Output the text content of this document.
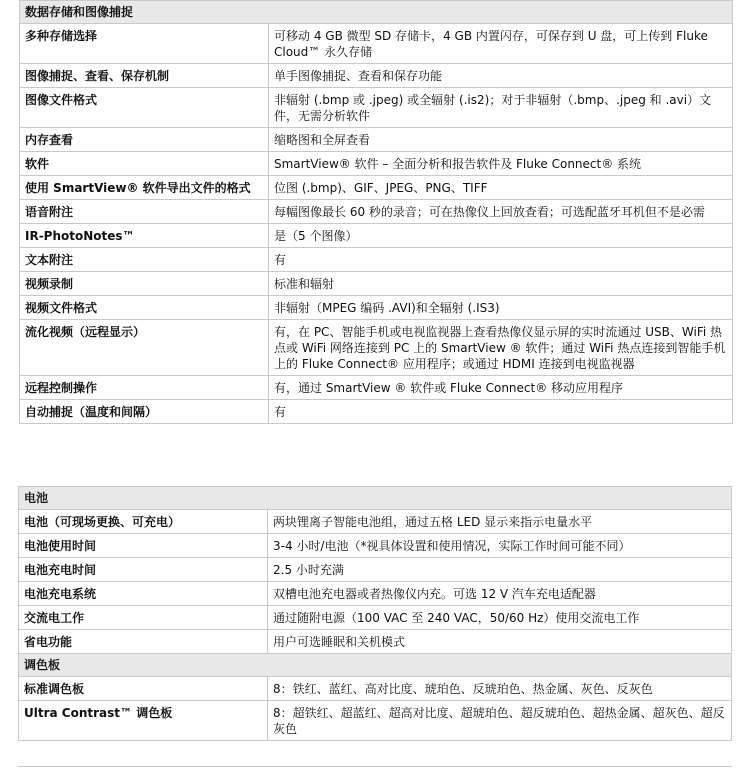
数据存储和图像捕捉	
多种存储选择	可移动 4 GB 微型 SD 存储卡，4 GB 内置闪存，可保存到 U 盘，可上传到 Fluke Cloud™ 永久存储
图像捕捉、查看、保存机制	单手图像捕捉、查看和保存功能
图像文件格式	非辐射 (.bmp 或 .jpeg) 或全辐射 (.is2)；对于非辐射（.bmp、.jpeg 和 .avi）文件，无需分析软件
内存查看	缩略图和全屏查看
软件	SmartView® 软件 – 全面分析和报告软件及 Fluke Connect® 系统
使用 SmartView® 软件导出文件的格式	位图 (.bmp)、GIF、JPEG、PNG、TIFF
语音附注	每幅图像最长 60 秒的录音；可在热像仪上回放查看；可选配蓝牙耳机但不是必需
IR-PhotoNotes™	是（5 个图像）
文本附注	有
视频录制	标准和辐射
视频文件格式	非辐射（MPEG 编码 .AVI)和全辐射 (.IS3)
流化视频（远程显示）	有，在 PC、智能手机或电视监视器上查看热像仪显示屏的实时流通过 USB、WiFi 热点或 WiFi 网络连接到 PC 上的 SmartView ® 软件；通过 WiFi 热点连接到智能手机上的 Fluke Connect® 应用程序；或通过 HDMI 连接到电视监视器
远程控制操作	有，通过 SmartView ® 软件或 Fluke Connect® 移动应用程序
自动捕捉（温度和间隔）	有
电池	
电池（可现场更换、可充电）	两块锂离子智能电池组，通过五格 LED 显示来指示电量水平
电池使用时间	3-4 小时/电池（*视具体设置和使用情况，实际工作时间可能不同）
电池充电时间	2.5 小时充满
电池充电系统	双槽电池充电器或者热像仪内充。可选 12 V 汽车充电适配器
交流电工作	通过随附电源（100 VAC 至 240 VAC，50/60 Hz）使用交流电工作
省电功能	用户可选睡眠和关机模式
调色板	
标准调色板	8：铁红、蓝红、高对比度、琥珀色、反琥珀色、热金属、灰色、反灰色
Ultra Contrast™ 调色板	8：超铁红、超蓝红、超高对比度、超琥珀色、超反琥珀色、超热金属、超灰色、超反灰色
